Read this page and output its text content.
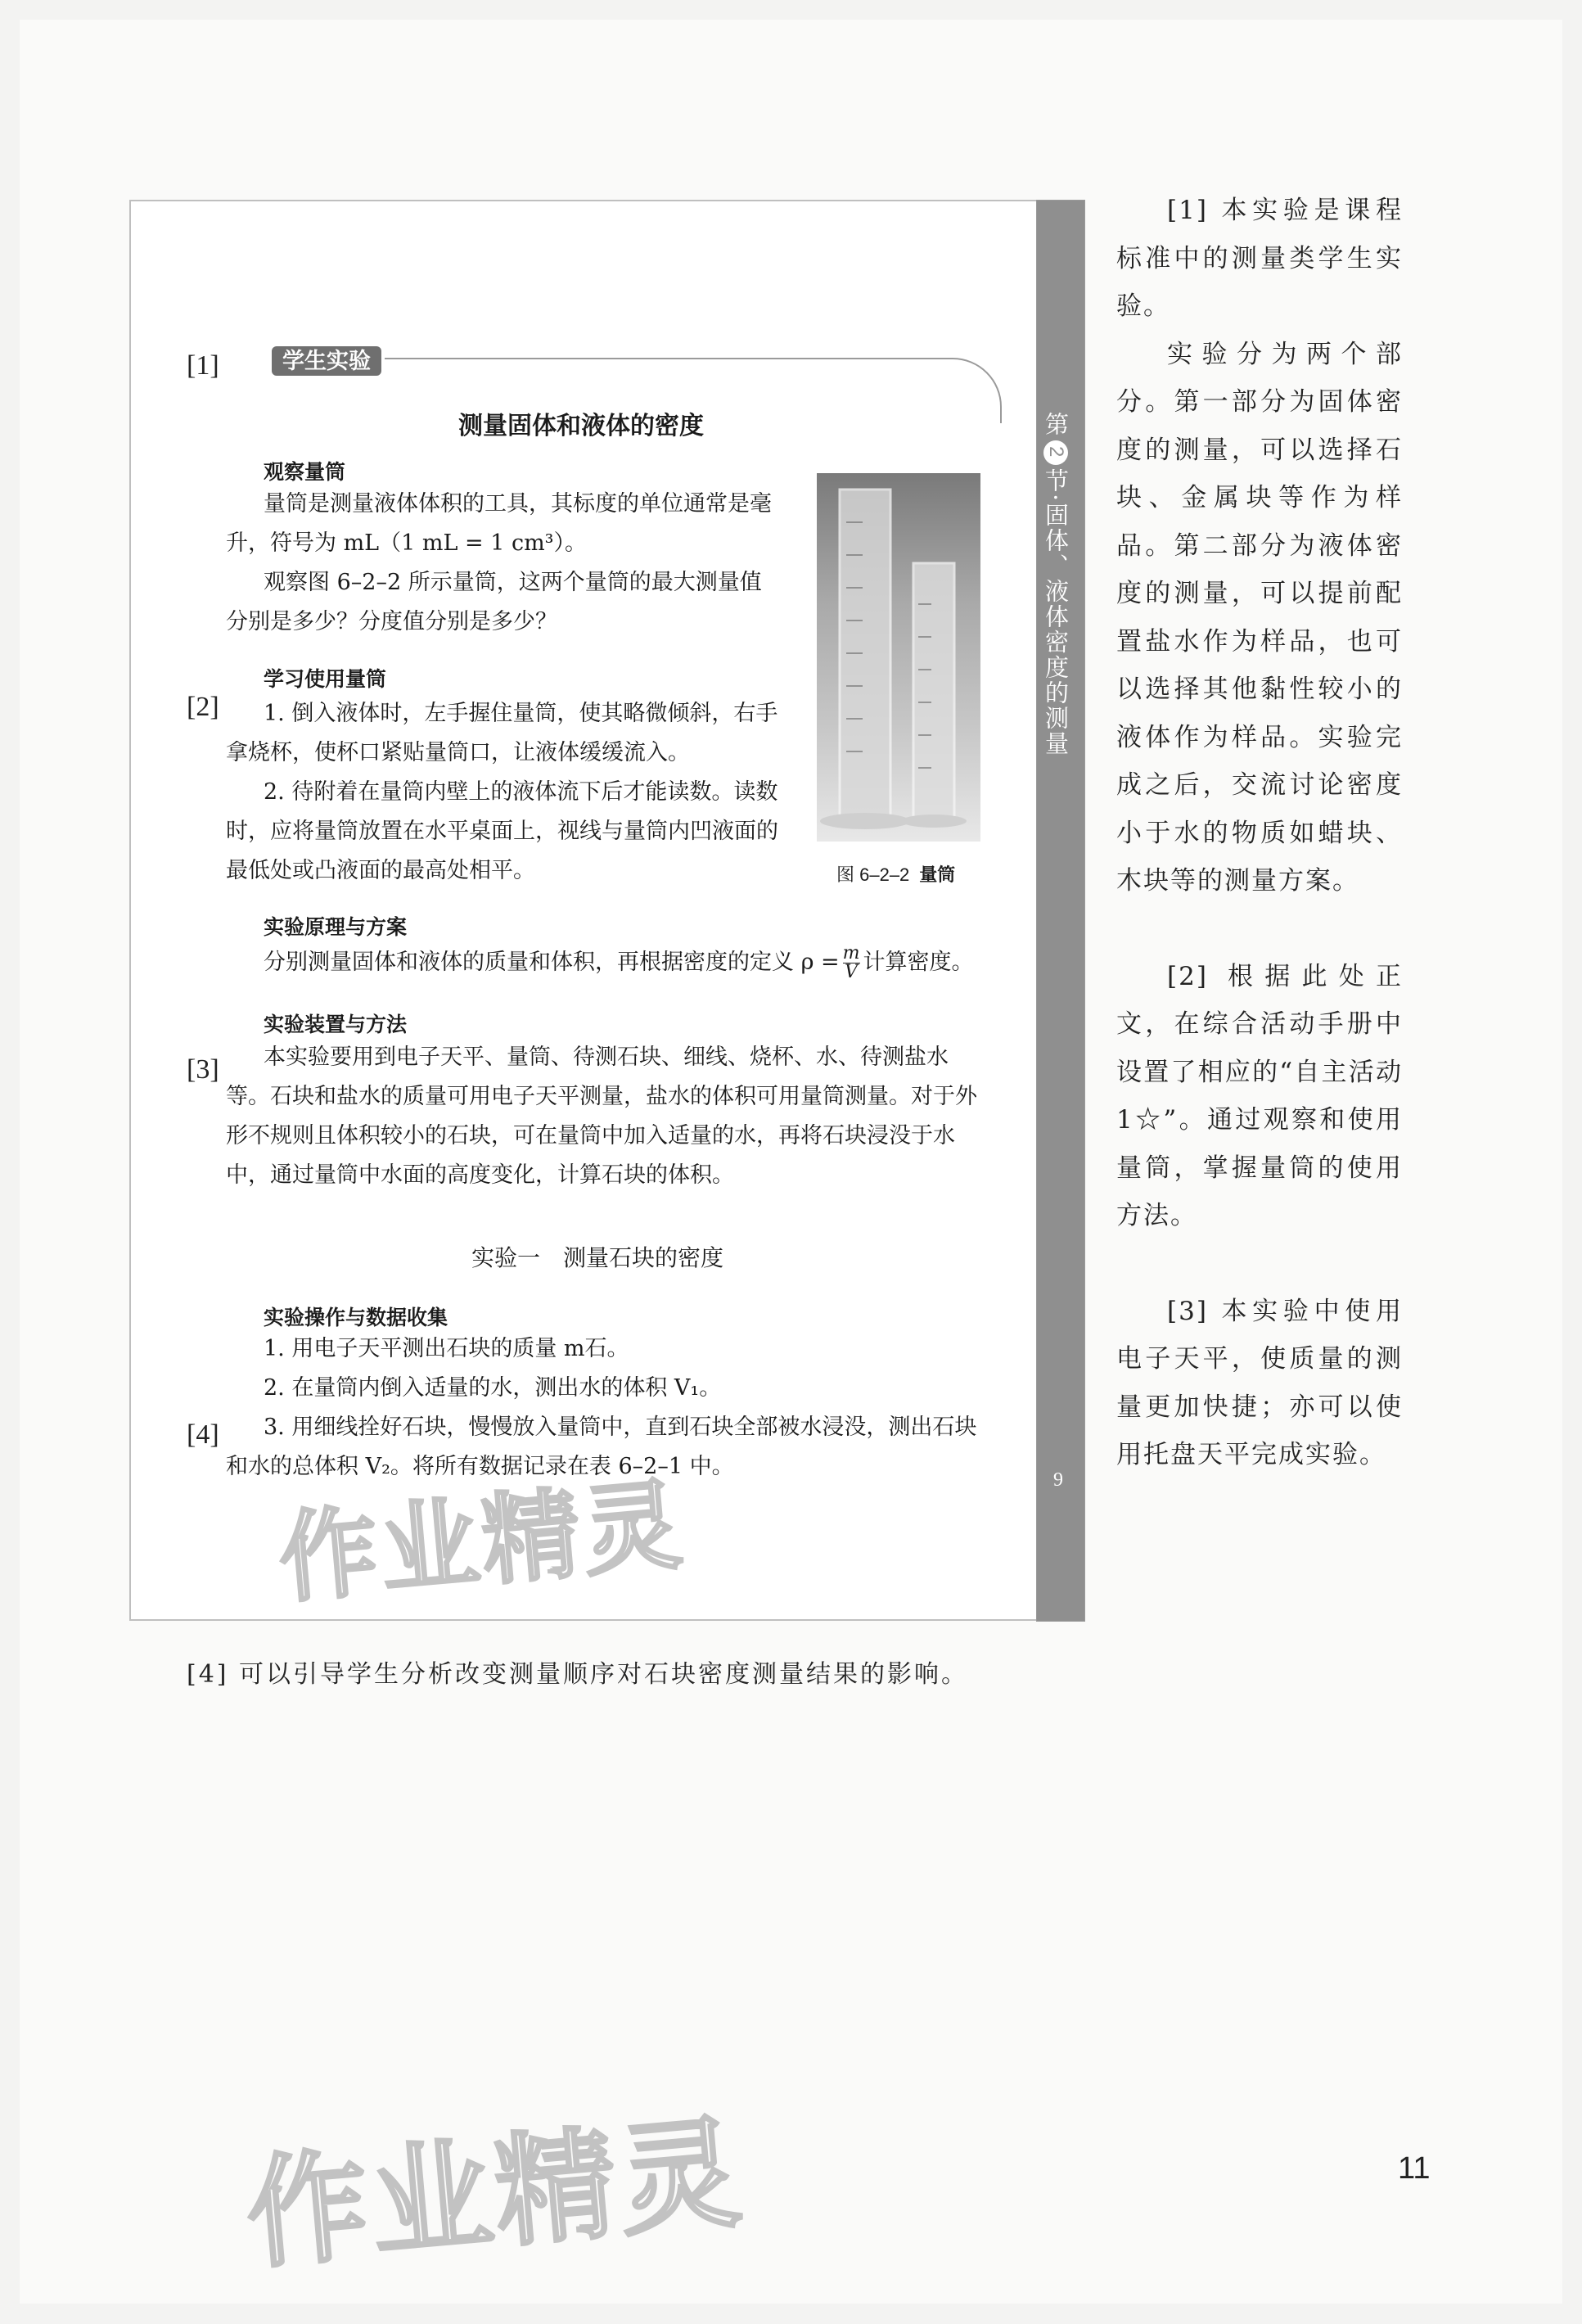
第2节·固体、液体密度的测量
9
学生实验
[1]
[2]
[3]
[4]
测量固体和液体的密度
观察量筒

量筒是测量液体体积的工具，其标度的单位通常是毫升，符号为 mL（1 mL = 1 cm³）。

观察图 6–2–2 所示量筒，这两个量筒的最大测量值分别是多少？分度值分别是多少？

图 6–2–2 量筒
学习使用量筒

1. 倒入液体时，左手握住量筒，使其略微倾斜，右手拿烧杯，使杯口紧贴量筒口，让液体缓缓流入。

2. 待附着在量筒内壁上的液体流下后才能读数。读数时，应将量筒放置在水平桌面上，视线与量筒内凹液面的最低处或凸液面的最高处相平。

实验原理与方案
分别测量固体和液体的质量和体积，再根据密度的定义 $\rho = \frac{m}{V}$ 计算密度。
实验装置与方法

本实验要用到电子天平、量筒、待测石块、细线、烧杯、水、待测盐水等。石块和盐水的质量可用电子天平测量，盐水的体积可用量筒测量。对于外形不规则且体积较小的石块，可在量筒中加入适量的水，再将石块浸没于水中，通过量筒中水面的高度变化，计算石块的体积。

实验一　测量石块的密度
实验操作与数据收集

1. 用电子天平测出石块的质量 m石。

2. 在量筒内倒入适量的水，测出水的体积 V₁。

3. 用细线拴好石块，慢慢放入量筒中，直到石块全部被水浸没，测出石块和水的总体积 V₂。将所有数据记录在表 6–2–1 中。

作业精灵
作业精灵

[1] 本实验是课程标准中的测量类学生实验。

实验分为两个部分。第一部分为固体密度的测量，可以选择石块、金属块等作为样品。第二部分为液体密度的测量，可以提前配置盐水作为样品，也可以选择其他黏性较小的液体作为样品。实验完成之后，交流讨论密度小于水的物质如蜡块、木块等的测量方案。

[2] 根据此处正文，在综合活动手册中设置了相应的“自主活动 1☆”。通过观察和使用量筒，掌握量筒的使用方法。

[3] 本实验中使用电子天平，使质量的测量更加快捷；亦可以使用托盘天平完成实验。

[4] 可以引导学生分析改变测量顺序对石块密度测量结果的影响。
11
